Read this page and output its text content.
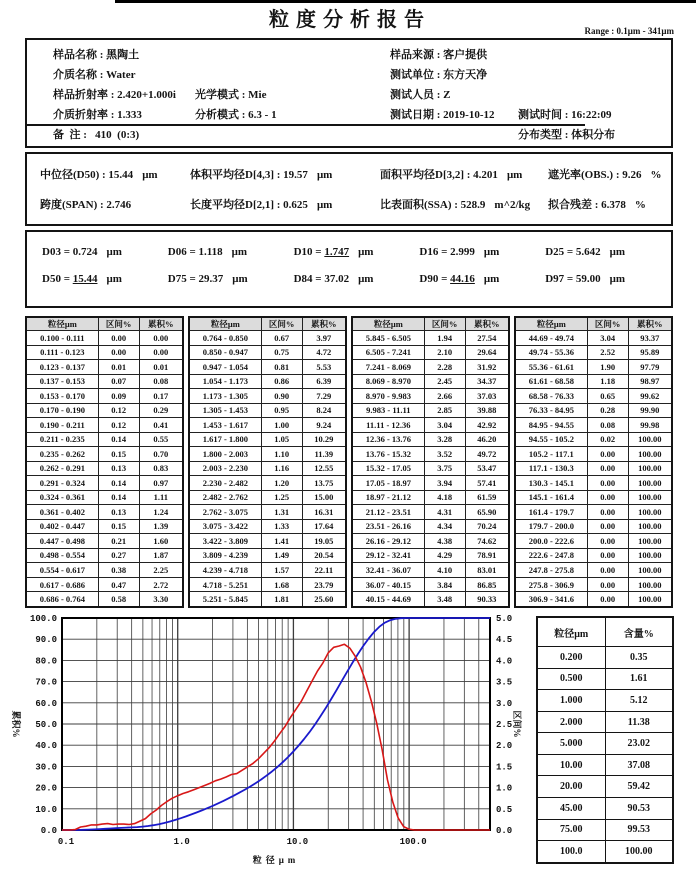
粒度分析报告	Range : 0.1μm - 341μm
样品名称 : 黑陶土	样品来源 : 客户提供
介质名称 : Water	测试单位 : 东方天净
样品折射率 : 2.420+1.000i	光学模式 : Mie	测试人员 : Z
介质折射率 : 1.333	分析模式 : 6.3 - 1	测试日期 : 2019-10-12	测试时间 : 16:22:09
备  注 :   410  (0:3)	分布类型 : 体积分布
中位径(D50) : 15.44 μm	体积平均径D[4,3] : 19.57 μm	面积平均径D[3,2] : 4.201 μm	遮光率(OBS.) : 9.26 %
跨度(SPAN) : 2.746	长度平均径D[2,1] : 0.625 μm	比表面积(SSA) : 528.9 m^2/kg	拟合残差 : 6.378 %
D03 = 0.724 μm	D06 = 1.118 μm	D10 = 1.747 μm	D16 = 2.999 μm	D25 = 5.642 μm
D50 = 15.44 μm	D75 = 29.37 μm	D84 = 37.02 μm	D90 = 44.16 μm	D97 = 59.00 μm
粒径μm	区间%	累积%
0.100 - 0.111	0.00	0.00
0.111 - 0.123	0.00	0.00
0.123 - 0.137	0.01	0.01
0.137 - 0.153	0.07	0.08
0.153 - 0.170	0.09	0.17
0.170 - 0.190	0.12	0.29
0.190 - 0.211	0.12	0.41
0.211 - 0.235	0.14	0.55
0.235 - 0.262	0.15	0.70
0.262 - 0.291	0.13	0.83
0.291 - 0.324	0.14	0.97
0.324 - 0.361	0.14	1.11
0.361 - 0.402	0.13	1.24
0.402 - 0.447	0.15	1.39
0.447 - 0.498	0.21	1.60
0.498 - 0.554	0.27	1.87
0.554 - 0.617	0.38	2.25
0.617 - 0.686	0.47	2.72
0.686 - 0.764	0.58	3.30
粒径μm	区间%	累积%
0.764 - 0.850	0.67	3.97
0.850 - 0.947	0.75	4.72
0.947 - 1.054	0.81	5.53
1.054 - 1.173	0.86	6.39
1.173 - 1.305	0.90	7.29
1.305 - 1.453	0.95	8.24
1.453 - 1.617	1.00	9.24
1.617 - 1.800	1.05	10.29
1.800 - 2.003	1.10	11.39
2.003 - 2.230	1.16	12.55
2.230 - 2.482	1.20	13.75
2.482 - 2.762	1.25	15.00
2.762 - 3.075	1.31	16.31
3.075 - 3.422	1.33	17.64
3.422 - 3.809	1.41	19.05
3.809 - 4.239	1.49	20.54
4.239 - 4.718	1.57	22.11
4.718 - 5.251	1.68	23.79
5.251 - 5.845	1.81	25.60
粒径μm	区间%	累积%
5.845 - 6.505	1.94	27.54
6.505 - 7.241	2.10	29.64
7.241 - 8.069	2.28	31.92
8.069 - 8.970	2.45	34.37
8.970 - 9.983	2.66	37.03
9.983 - 11.11	2.85	39.88
11.11 - 12.36	3.04	42.92
12.36 - 13.76	3.28	46.20
13.76 - 15.32	3.52	49.72
15.32 - 17.05	3.75	53.47
17.05 - 18.97	3.94	57.41
18.97 - 21.12	4.18	61.59
21.12 - 23.51	4.31	65.90
23.51 - 26.16	4.34	70.24
26.16 - 29.12	4.38	74.62
29.12 - 32.41	4.29	78.91
32.41 - 36.07	4.10	83.01
36.07 - 40.15	3.84	86.85
40.15 - 44.69	3.48	90.33
粒径μm	区间%	累积%
44.69 - 49.74	3.04	93.37
49.74 - 55.36	2.52	95.89
55.36 - 61.61	1.90	97.79
61.61 - 68.58	1.18	98.97
68.58 - 76.33	0.65	99.62
76.33 - 84.95	0.28	99.90
84.95 - 94.55	0.08	99.98
94.55 - 105.2	0.02	100.00
105.2 - 117.1	0.00	100.00
117.1 - 130.3	0.00	100.00
130.3 - 145.1	0.00	100.00
145.1 - 161.4	0.00	100.00
161.4 - 179.7	0.00	100.00
179.7 - 200.0	0.00	100.00
200.0 - 222.6	0.00	100.00
222.6 - 247.8	0.00	100.00
247.8 - 275.8	0.00	100.00
275.8 - 306.9	0.00	100.00
306.9 - 341.6	0.00	100.00
100.0	5.0
90.0	4.5
80.0	4.0
70.0	3.5
60.0	3.0
50.0	2.5
40.0	2.0
30.0	1.5
20.0	1.0
10.0	0.5
0.0	0.0
0.1	1.0	10.0	100.0
粒径μm
累积%	区间%
粒径μm	含量%
0.200	0.35
0.500	1.61
1.000	5.12
2.000	11.38
5.000	23.02
10.00	37.08
20.00	59.42
45.00	90.53
75.00	99.53
100.0	100.00
